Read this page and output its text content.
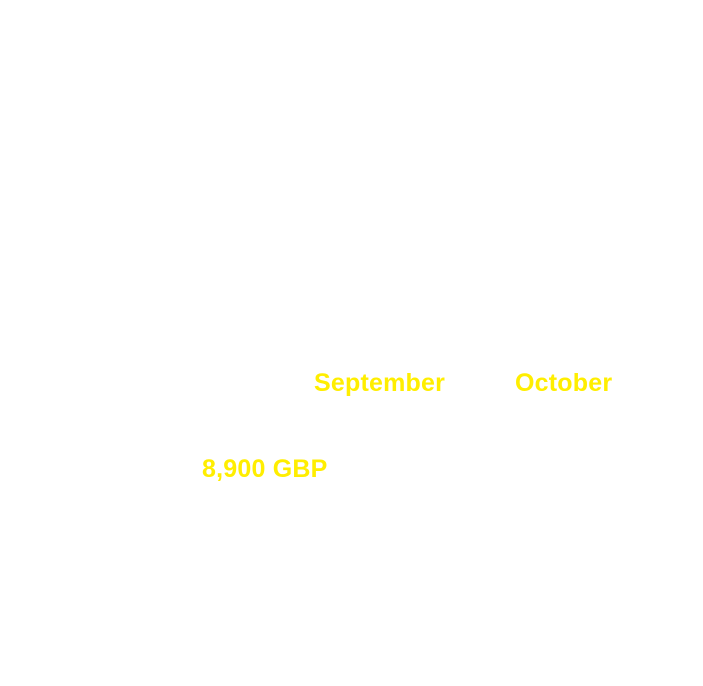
September	October
8,900 GBP
